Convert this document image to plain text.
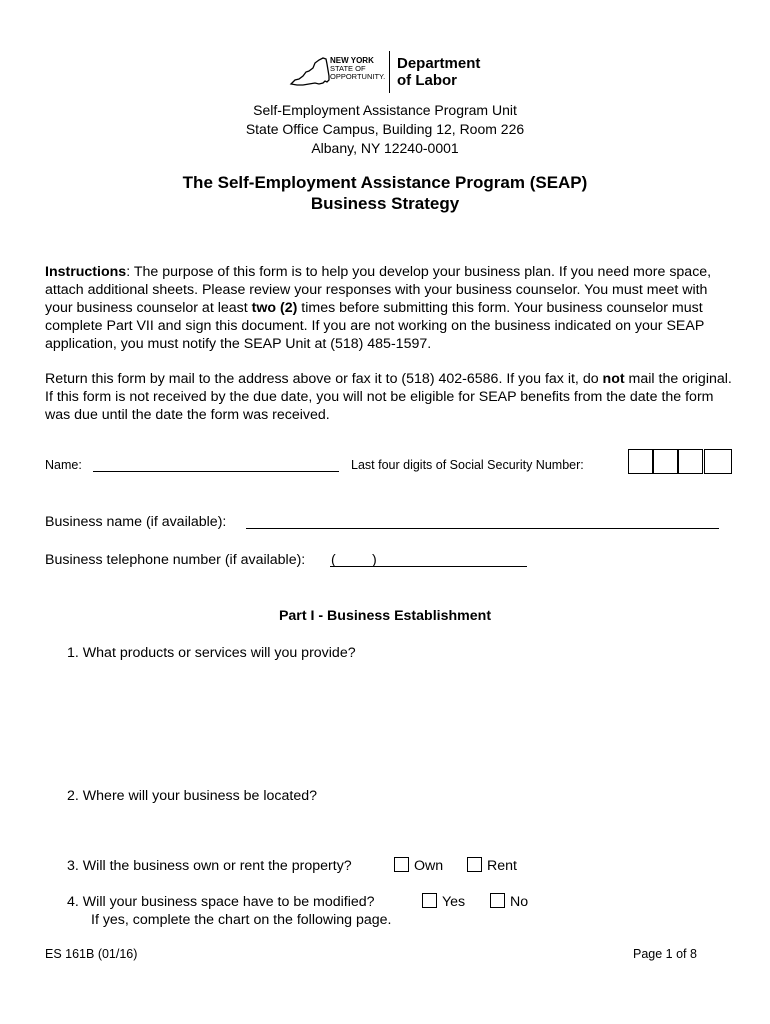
NEW YORK
STATE OF
OPPORTUNITY.
Department
of Labor
Self-Employment Assistance Program Unit
State Office Campus, Building 12, Room 226
Albany, NY 12240-0001
The Self-Employment Assistance Program (SEAP)
Business Strategy
Instructions: The purpose of this form is to help you develop your business plan. If you need more space, attach additional sheets. Please review your responses with your business counselor. You must meet with your business counselor at least two (2) times before submitting this form. Your business counselor must complete Part VII and sign this document. If you are not working on the business indicated on your SEAP application, you must notify the SEAP Unit at (518) 485-1597.
Return this form by mail to the address above or fax it to (518) 402-6586. If you fax it, do not mail the original. If this form is not received by the due date, you will not be eligible for SEAP benefits from the date the form was due until the date the form was received.
Name:	Last four digits of Social Security Number:
Business name (if available):
Business telephone number (if available): (	)
Part I - Business Establishment
1. What products or services will you provide?
2. Where will your business be located?
3. Will the business own or rent the property?	Own	Rent
4. Will your business space have to be modified?	Yes	No
If yes, complete the chart on the following page.
ES 161B (01/16)	Page 1 of 8
